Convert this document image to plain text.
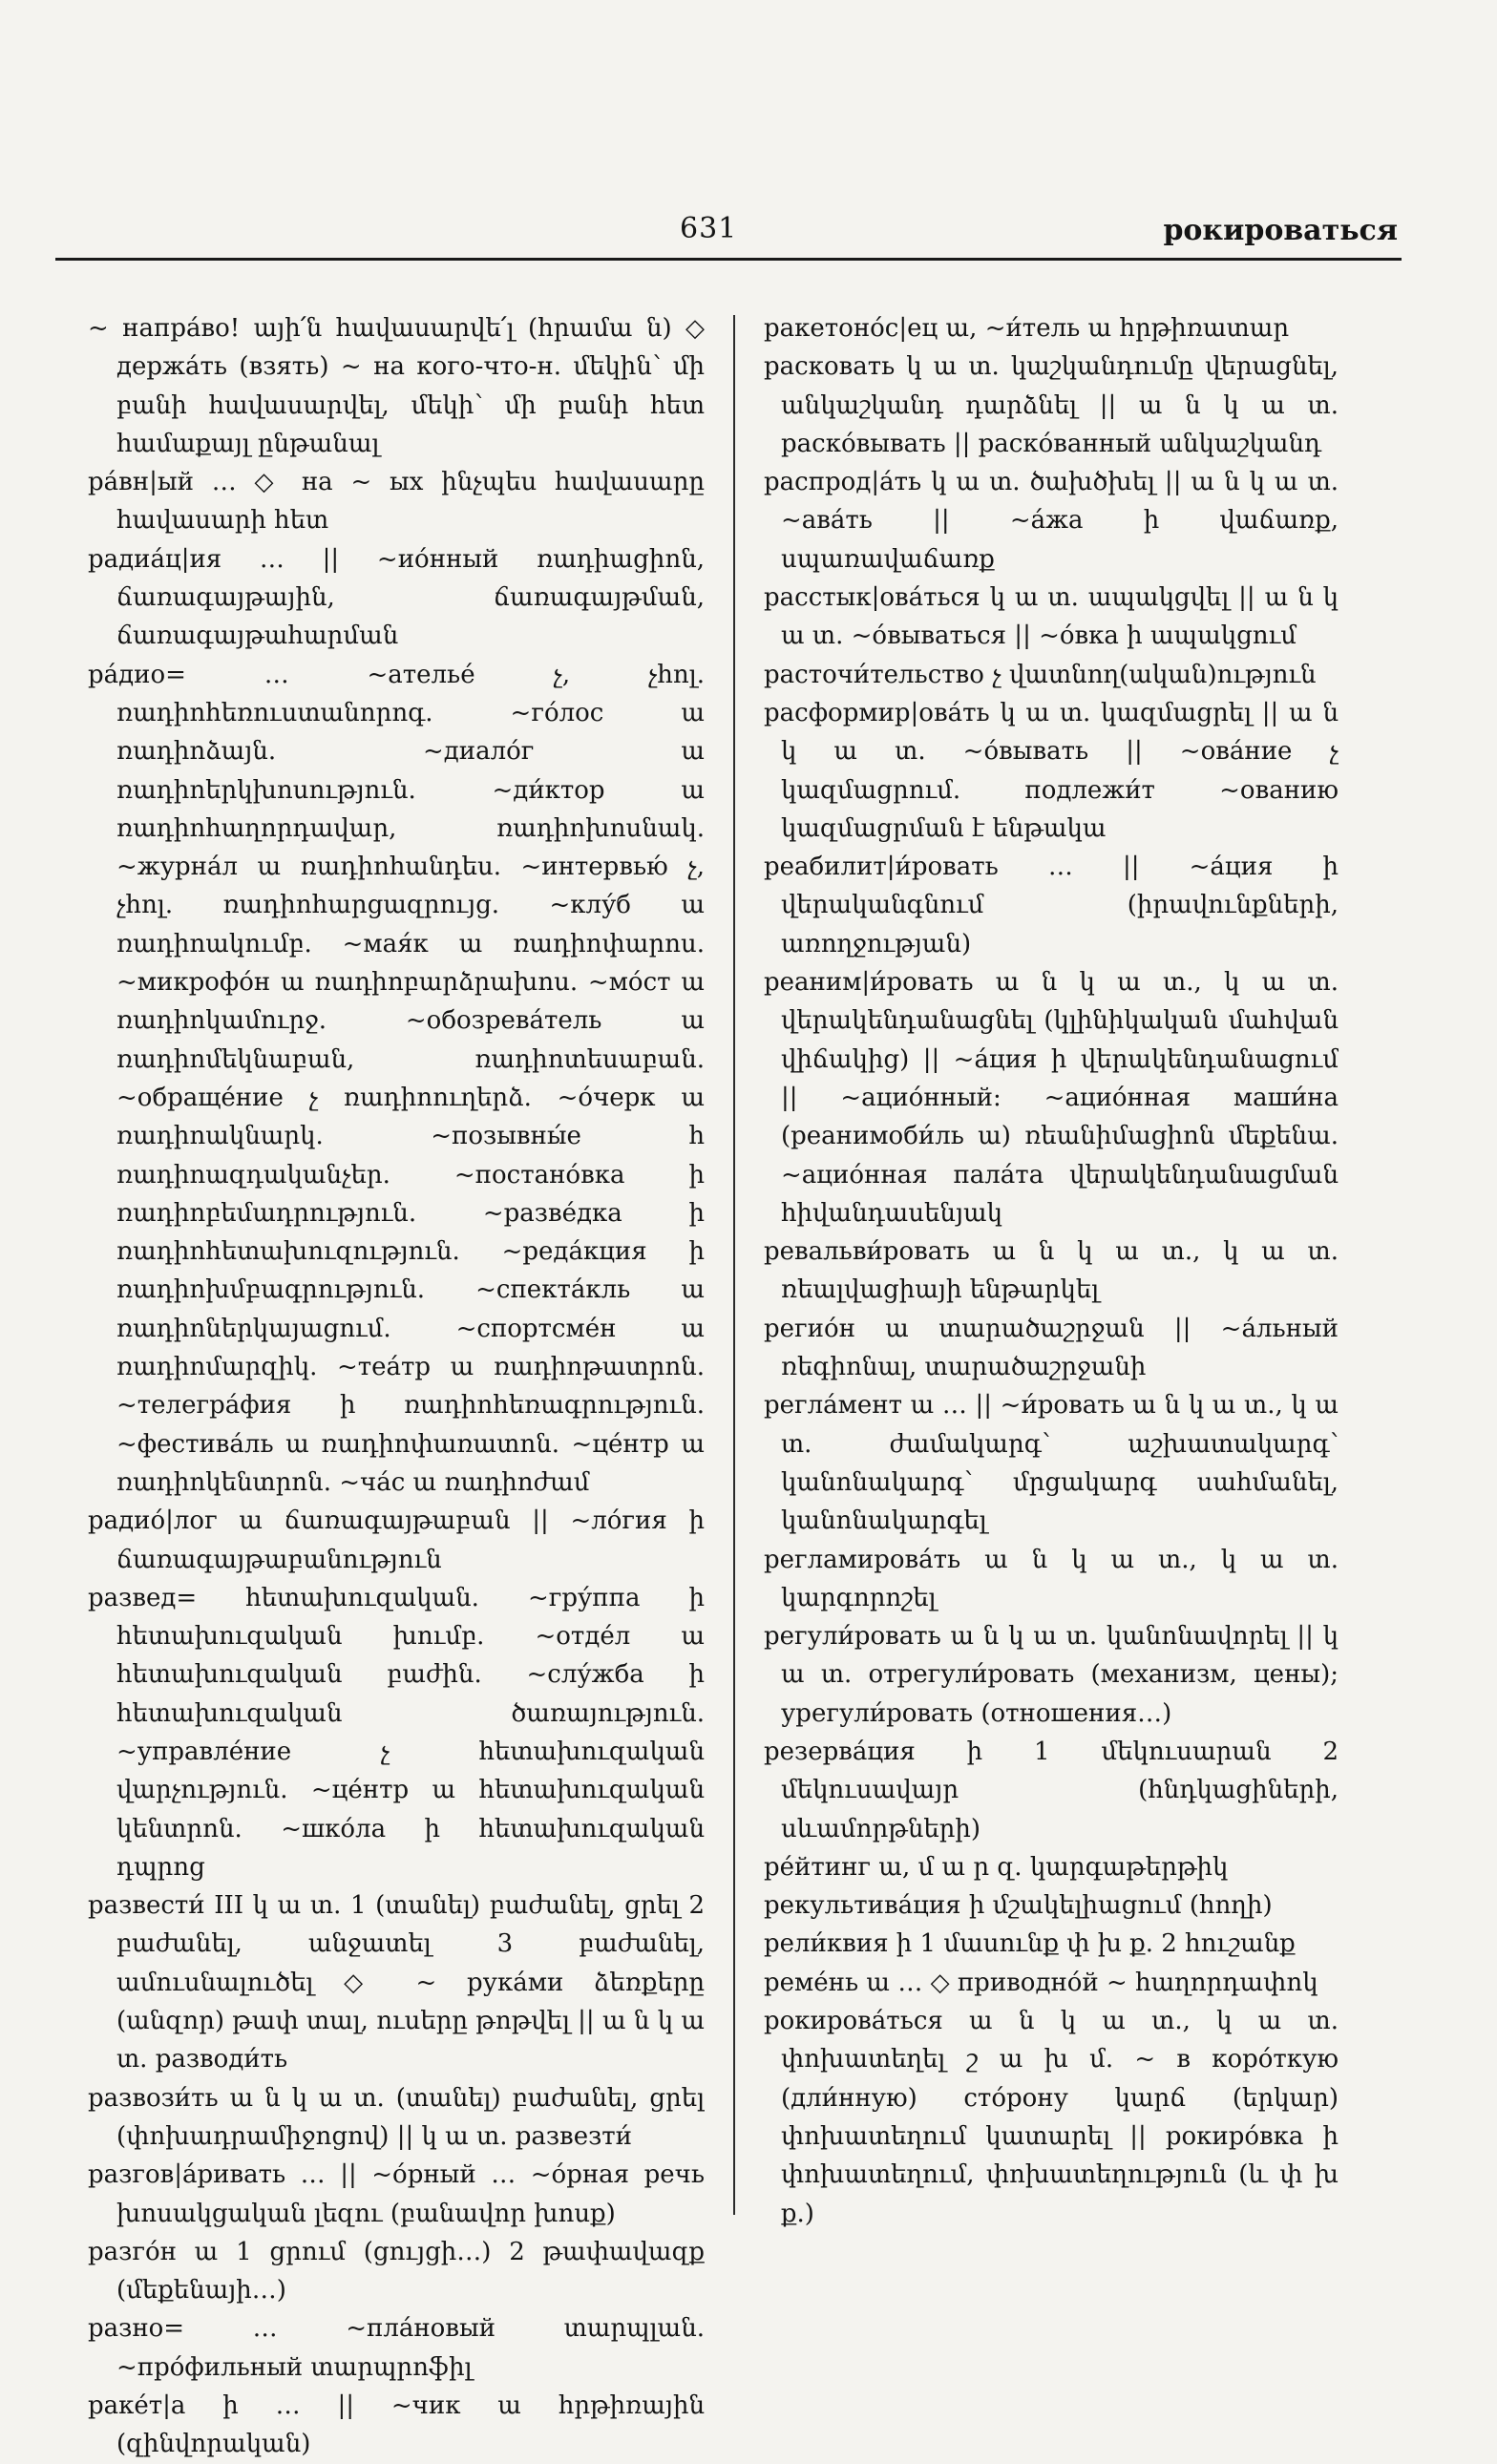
631	рокироваться
~ напра́во! այի՛ն հավասարվե՛լ (հրամա ն) ◇ держа́ть (взять) ~ на кого-что-н. մեկին՝ մի բանի հավասարվել, մեկի՝ մի բանի հետ համաքայլ ընթանալ
ра́вн|ый … ◇ на ~ ых ինչպես հավասարը հավասարի հետ
радиа́ц|ия … || ~ио́нный ռադիացիոն, ճառագայթային, ճառագայթման, ճառագայթահարման
ра́дио= … ~ателье́ չ, չհոլ. ռադիոհեռուստանորոգ. ~го́лос ա ռադիոձայն. ~диало́г ա ռադիոերկխոսություն. ~ди́ктор ա ռադիոհաղորդավար, ռադիոխոսնակ. ~журна́л ա ռադիոհանդես. ~интервью́ չ, չհոլ. ռադիոհարցազրույց. ~клу́б ա ռադիոակումբ. ~мая́к ա ռադիոփարոս. ~микрофо́н ա ռադիոբարձրախոս. ~мо́ст ա ռադիոկամուրջ. ~обозрева́тель ա ռադիոմեկնաբան, ռադիոտեսաբան. ~обраще́ние չ ռադիոուղերձ. ~о́черк ա ռադիոակնարկ. ~позывны́е հ ռադիոազդականչեր. ~постано́вка ի ռադիոբեմադրություն. ~разве́дка ի ռադիոհետախուզություն. ~реда́кция ի ռադիոխմբագրություն. ~спекта́кль ա ռադիոներկայացում. ~спортсме́н ա ռադիոմարզիկ. ~теа́тр ա ռադիոթատրոն. ~телегра́фия ի ռադիոհեռագրություն. ~фестива́ль ա ռադիոփառատոն. ~це́нтр ա ռադիոկենտրոն. ~ча́с ա ռադիոժամ
радио́|лог ա ճառագայթաբան || ~ло́гия ի ճառագայթաբանություն
развед= հետախուզական. ~гру́ппа ի հետախուզական խումբ. ~отде́л ա հետախուզական բաժին. ~слу́жба ի հետախուզական ծառայություն. ~управле́ние չ հետախուզական վարչություն. ~це́нтр ա հետախուզական կենտրոն. ~шко́ла ի հետախուզական դպրոց
развести́ III կ ա տ. 1 (տանել) բաժանել, ցրել 2 բաժանել, անջատել 3 բաժանել, ամուսնալուծել ◇ ~ рука́ми ձեռքերը (անզոր) թափ տալ, ուսերը թոթվել || ա ն կ ա տ. разводи́ть
развози́ть ա ն կ ա տ. (տանել) բաժանել, ցրել (փոխադրամիջոցով) || կ ա տ. развезти́
разгов|а́ривать … || ~о́рный … ~о́рная речь խոսակցական լեզու (բանավոր խոսք)
разго́н ա 1 ցրում (ցույցի…) 2 թափավազք (մեքենայի…)
разно= … ~пла́новый տարպլան. ~про́фильный տարպրոֆիլ
раке́т|а ի … || ~чик ա հրթիռային (զինվորական)
ракетоно́с|ец ա, ~и́тель ա հրթիռատար
расковать կ ա տ. կաշկանդումը վերացնել, անկաշկանդ դարձնել || ա ն կ ա տ. раско́вывать || раско́ванный անկաշկանդ
распрод|а́ть կ ա տ. ծախծխել || ա ն կ ա տ. ~ава́ть || ~а́жа ի վաճառք, սպառավաճառք
расстык|ова́ться կ ա տ. ապակցվել || ա ն կ ա տ. ~о́вываться || ~о́вка ի ապակցում
расточи́тельство չ վատնող(ական)ություն
расформир|ова́ть կ ա տ. կազմացրել || ա ն կ ա տ. ~о́вывать || ~ова́ние չ կազմացրում. подлежи́т ~ованию կազմացրման է ենթակա
реабилит|и́ровать … || ~а́ция ի վերականգնում (իրավունքների, առողջության)
реаним|и́ровать ա ն կ ա տ., կ ա տ. վերակենդանացնել (կլինիկական մահվան վիճակից) || ~а́ция ի վերակենդանացում || ~ацио́нный: ~ацио́нная маши́на (реанимоби́ль ա) ռեանիմացիոն մեքենա. ~ацио́нная пала́та վերակենդանացման հիվանդասենյակ
ревальви́ровать ա ն կ ա տ., կ ա տ. ռեալվացիայի ենթարկել
регио́н ա տարածաշրջան || ~а́льный ռեգիոնալ, տարածաշրջանի
регла́мент ա … || ~и́ровать ա ն կ ա տ., կ ա տ. ժամակարգ՝ աշխատակարգ՝ կանոնակարգ՝ մրցակարգ սահմանել, կանոնակարգել
регламирова́ть ա ն կ ա տ., կ ա տ. կարգորոշել
регули́ровать ա ն կ ա տ. կանոնավորել || կ ա տ. отрегули́ровать (механизм, цены); урегули́ровать (отношения…)
резерва́ция ի 1 մեկուսարան 2 մեկուսավայր (հնդկացիների, սևամորթների)
ре́йтинг ա, մ ա ր զ. կարգաթերթիկ
рекультива́ция ի մշակելիացում (հողի)
рели́квия ի 1 մասունք փ խ ք. 2 հուշանք
реме́нь ա … ◇ приводно́й ~ հաղորդափոկ
рокирова́ться ա ն կ ա տ., կ ա տ. փոխատեղել շ ա խ մ. ~ в коро́ткую (дли́нную) сто́рону կարճ (երկար) փոխատեղում կատարել || рокиро́вка ի փոխատեղում, փոխատեղություն (և փ խ ք.)
